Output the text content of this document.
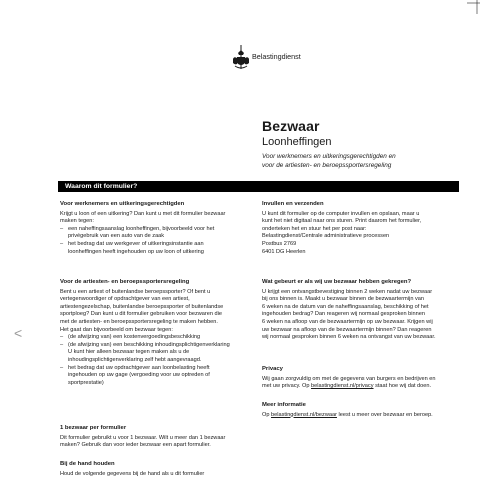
Belastingdienst
<
Bezwaar
Loonheffingen
Voor werknemers en uitkeringsgerechtigden en
voor de artiesten- en beroepssportersregeling
Waarom dit formulier?
Voor werknemers en uitkeringsgerechtigden

Krijgt u loon of een uitkering? Dan kunt u met dit formulier bezwaar

maken tegen:

– een naheffingsaanslag loonheffingen, bijvoorbeeld voor het

privégebruik van een auto van de zaak

– het bedrag dat uw werkgever of uitkeringsinstantie aan

loonheffingen heeft ingehouden op uw loon of uitkering

Voor de artiesten- en beroepssportersregeling

Bent u een artiest of buitenlandse beroepssporter? Of bent u

vertegenwoordiger of opdrachtgever van een artiest,

artiestengezelschap, buitenlandse beroepssporter of buitenlandse

sportploeg? Dan kunt u dit formulier gebruiken voor bezwaren die

met de artiesten- en beroepssportersregeling te maken hebben.

Het gaat dan bijvoorbeeld om bezwaar tegen:

– (de afwijzing van) een kostenvergoedingsbeschikking

– (de afwijzing van) een beschikking inhoudingsplichtigenverklaring

U kunt hier alleen bezwaar tegen maken als u de

inhoudingsplichtigenverklaring zelf hebt aangevraagd.

– het bedrag dat uw opdrachtgever aan loonbelasting heeft

ingehouden op uw gage (vergoeding voor uw optreden of

sportprestatie)

1 bezwaar per formulier

Dit formulier gebruikt u voor 1 bezwaar. Wilt u meer dan 1 bezwaar

maken? Gebruik dan voor ieder bezwaar een apart formulier.

Bij de hand houden

Houd de volgende gegevens bij de hand als u dit formulier

Invullen en verzenden

U kunt dit formulier op de computer invullen en opslaan, maar u

kunt het niet digitaal naar ons sturen. Print daarom het formulier,

onderteken het en stuur het per post naar:

Belastingdienst/Centrale administratieve processen

Postbus 2769

6401 DG Heerlen

Wat gebeurt er als wij uw bezwaar hebben gekregen?

U krijgt een ontvangstbevestiging binnen 2 weken nadat uw bezwaar

bij ons binnen is. Maakt u bezwaar binnen de bezwaartermijn van

6 weken na de datum van de naheffingsaanslag, beschikking of het

ingehouden bedrag? Dan reageren wij normaal gesproken binnen

6 weken na afloop van de bezwaartermijn op uw bezwaar. Krijgen wij

uw bezwaar na afloop van de bezwaartermijn binnen? Dan reageren

wij normaal gesproken binnen 6 weken na ontvangst van uw bezwaar.

Privacy

Wij gaan zorgvuldig om met de gegevens van burgers en bedrijven en

met uw privacy. Op belastingdienst.nl/privacy staat hoe wij dat doen.

Meer informatie

Op belastingdienst.nl/bezwaar leest u meer over bezwaar en beroep.
